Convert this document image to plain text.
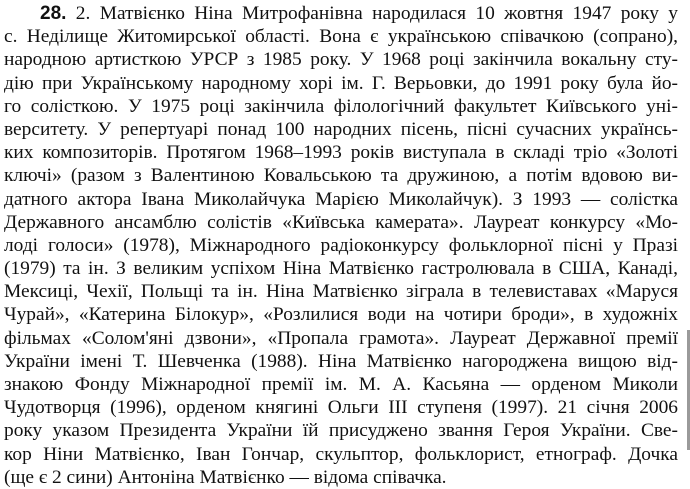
28. 2. Матвієнко Ніна Митрофанівна народилася 10 жовтня 1947 року у
с. Неділище Житомирської області. Вона є українською співачкою (сопрано),
народною артисткою УРСР з 1985 року. У 1968 році закінчила вокальну сту-
дію при Українському народному хорі ім. Г. Верьовки, до 1991 року була йо-
го солісткою. У 1975 році закінчила філологічний факультет Київського уні-
верситету. У репертуарі понад 100 народних пісень, пісні сучасних українсь-
ких композиторів. Протягом 1968–1993 років виступала в складі тріо «Золоті
ключі» (разом з Валентиною Ковальською та дружиною, а потім вдовою ви-
датного актора Івана Миколайчука Марією Миколайчук). З 1993 — солістка
Державного ансамблю солістів «Київська камерата». Лауреат конкурсу «Мо-
лоді голоси» (1978), Міжнародного радіоконкурсу фольклорної пісні у Празі
(1979) та ін. З великим успіхом Ніна Матвієнко гастролювала в США, Канаді,
Мексиці, Чехії, Польщі та ін. Ніна Матвієнко зіграла в телевиставах «Маруся
Чурай», «Катерина Білокур», «Розлилися води на чотири броди», в художніх
фільмах «Солом'яні дзвони», «Пропала грамота». Лауреат Державної премії
України імені Т. Шевченка (1988). Ніна Матвієнко нагороджена вищою від-
знакою Фонду Міжнародної премії ім. М. А. Касьяна — орденом Миколи
Чудотворця (1996), орденом княгині Ольги III ступеня (1997). 21 січня 2006
року указом Президента України їй присуджено звання Героя України. Све-
кор Ніни Матвієнко, Іван Гончар, скульптор, фольклорист, етнограф. Дочка
(ще є 2 сини) Антоніна Матвієнко — відома співачка.
